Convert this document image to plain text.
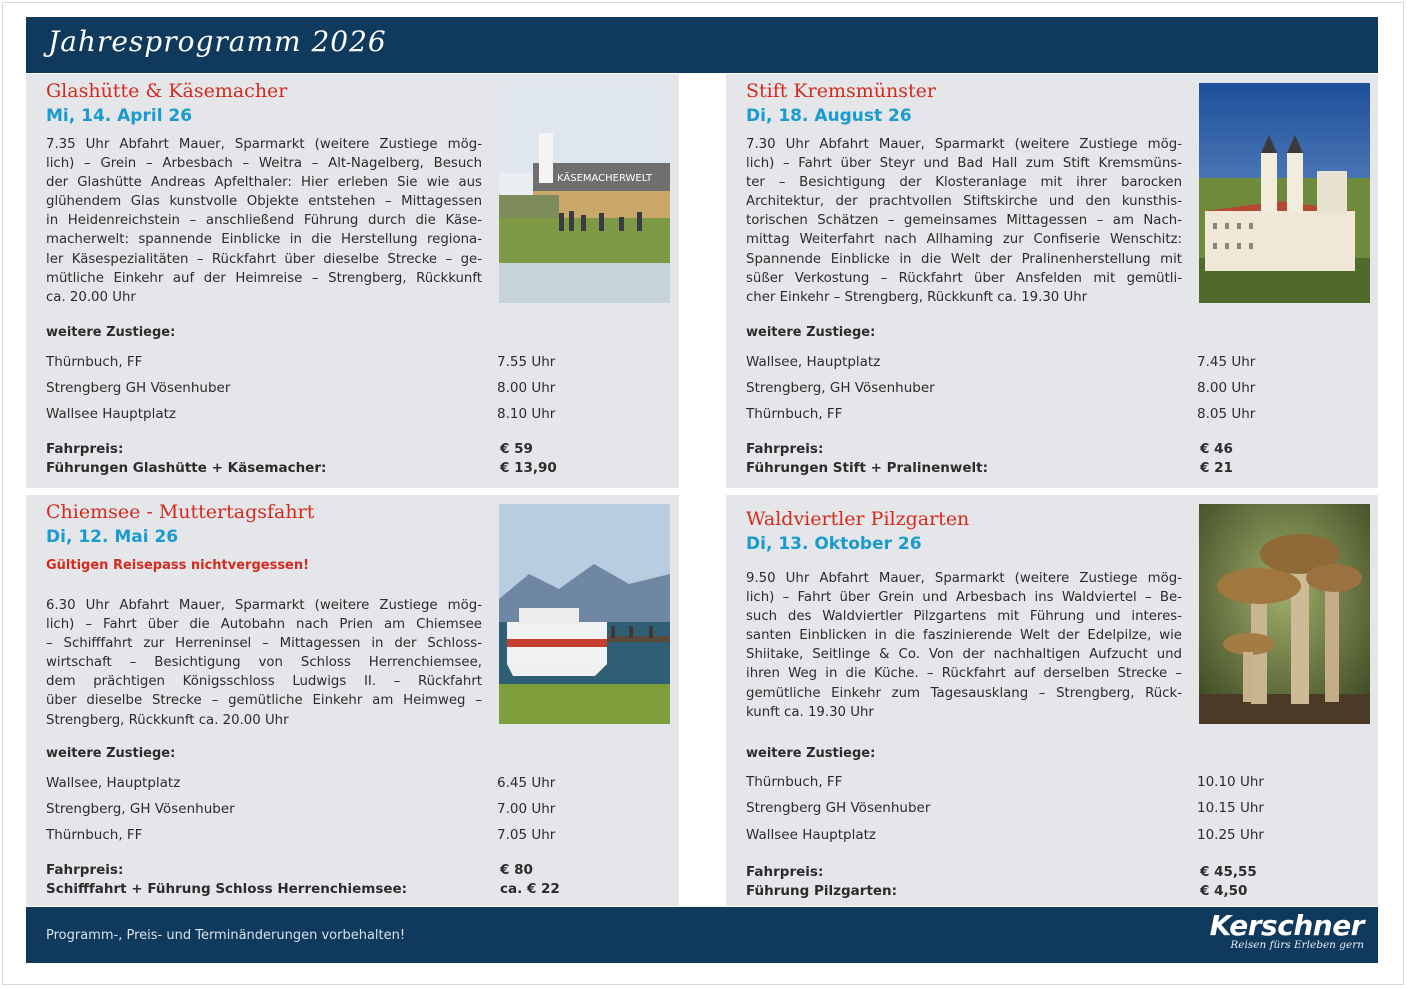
Jahresprogramm 2026
Glashütte & Käsemacher
Mi, 14. April 26
7.35 Uhr Abfahrt Mauer, Sparmarkt (weitere Zustiege mög-
lich) – Grein – Arbesbach – Weitra – Alt-Nagelberg, Besuch
der Glashütte Andreas Apfelthaler: Hier erleben Sie wie aus
glühendem Glas kunstvolle Objekte entstehen – Mittagessen
in Heidenreichstein – anschließend Führung durch die Käse-
macherwelt: spannende Einblicke in die Herstellung regiona-
ler Käsespezialitäten – Rückfahrt über dieselbe Strecke – ge-
mütliche Einkehr auf der Heimreise – Strengberg, Rückkunft
ca. 20.00 Uhr
KÄSEMACHERWELT
weitere Zustiege:
Thürnbuch, FF	7.55 Uhr
Strengberg GH Vösenhuber	8.00 Uhr
Wallsee Hauptplatz	8.10 Uhr
Fahrpreis:	€ 59
Führungen Glashütte + Käsemacher:	€ 13,90
Stift Kremsmünster
Di, 18. August 26
7.30 Uhr Abfahrt Mauer, Sparmarkt (weitere Zustiege mög-
lich) – Fahrt über Steyr und Bad Hall zum Stift Kremsmüns-
ter – Besichtigung der Klosteranlage mit ihrer barocken
Architektur, der prachtvollen Stiftskirche und den kunsthis-
torischen Schätzen – gemeinsames Mittagessen – am Nach-
mittag Weiterfahrt nach Allhaming zur Confiserie Wenschitz:
Spannende Einblicke in die Welt der Pralinenherstellung mit
süßer Verkostung – Rückfahrt über Ansfelden mit gemütli-
cher Einkehr – Strengberg, Rückkunft ca. 19.30 Uhr
weitere Zustiege:
Wallsee, Hauptplatz	7.45 Uhr
Strengberg, GH Vösenhuber	8.00 Uhr
Thürnbuch, FF	8.05 Uhr
Fahrpreis:	€ 46
Führungen Stift + Pralinenwelt:	€ 21
Chiemsee - Muttertagsfahrt
Di, 12. Mai 26
Gültigen Reisepass nichtvergessen!
6.30 Uhr Abfahrt Mauer, Sparmarkt (weitere Zustiege mög-
lich) – Fahrt über die Autobahn nach Prien am Chiemsee
– Schifffahrt zur Herreninsel – Mittagessen in der Schloss-
wirtschaft – Besichtigung von Schloss Herrenchiemsee,
dem prächtigen Königsschloss Ludwigs II. – Rückfahrt
über dieselbe Strecke – gemütliche Einkehr am Heimweg –
Strengberg, Rückkunft ca. 20.00 Uhr
weitere Zustiege:
Wallsee, Hauptplatz	6.45 Uhr
Strengberg, GH Vösenhuber	7.00 Uhr
Thürnbuch, FF	7.05 Uhr
Fahrpreis:	€ 80
Schifffahrt + Führung Schloss Herrenchiemsee:	ca. € 22
Waldviertler Pilzgarten
Di, 13. Oktober 26
9.50 Uhr Abfahrt Mauer, Sparmarkt (weitere Zustiege mög-
lich) – Fahrt über Grein und Arbesbach ins Waldviertel – Be-
such des Waldviertler Pilzgartens mit Führung und interes-
santen Einblicken in die faszinierende Welt der Edelpilze, wie
Shiitake, Seitlinge & Co. Von der nachhaltigen Aufzucht und
ihren Weg in die Küche. – Rückfahrt auf derselben Strecke –
gemütliche Einkehr zum Tagesausklang – Strengberg, Rück-
kunft ca. 19.30 Uhr
weitere Zustiege:
Thürnbuch, FF	10.10 Uhr
Strengberg GH Vösenhuber	10.15 Uhr
Wallsee Hauptplatz	10.25 Uhr
Fahrpreis:	€ 45,55
Führung Pilzgarten:	€ 4,50
Programm-, Preis- und Terminänderungen vorbehalten!	Kerschner
Reisen fürs Erleben gern
